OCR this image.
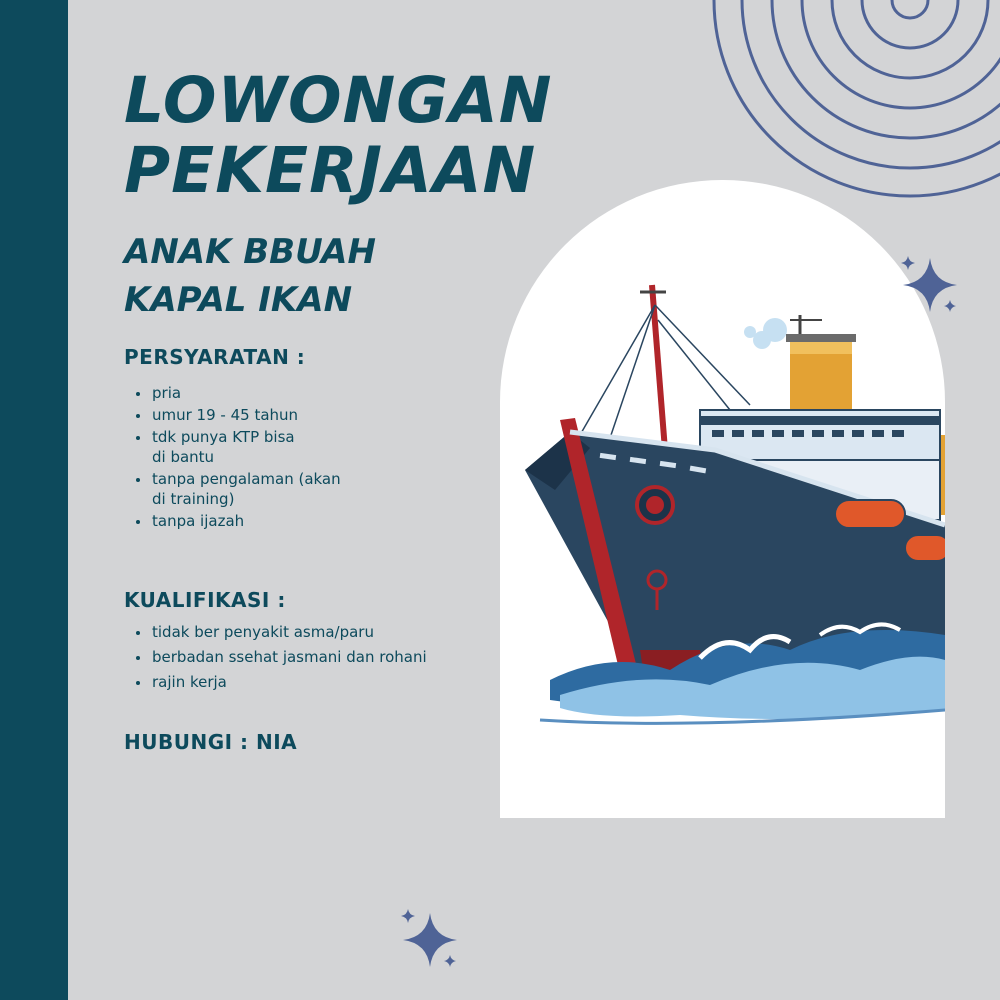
LOWONGAN
PEKERJAAN
ANAK BBUAH
KAPAL IKAN
PERSYARATAN :
pria
umur 19 - 45 tahun
tdk punya KTP bisa
di bantu
tanpa pengalaman (akan
di training)
tanpa ijazah
KUALIFIKASI :
tidak ber penyakit asma/paru
berbadan ssehat jasmani dan rohani
rajin kerja
HUBUNGI : NIA
